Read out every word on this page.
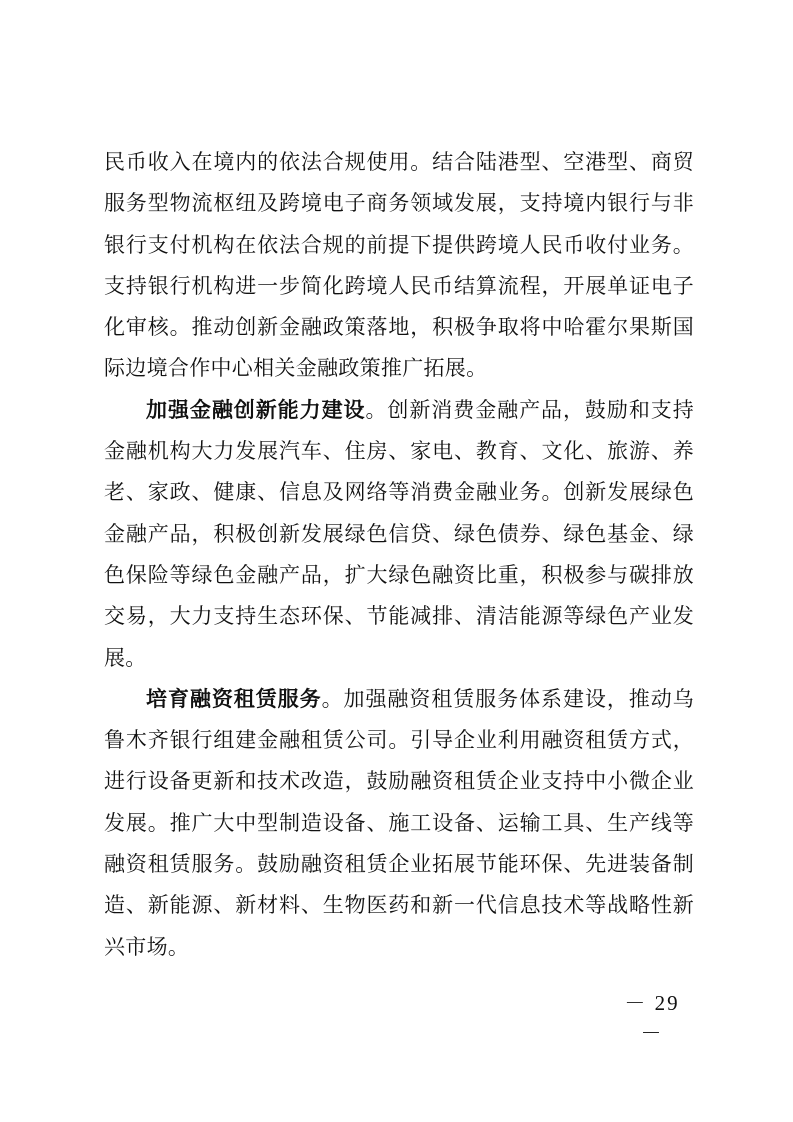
民币收入在境内的依法合规使用。结合陆港型、空港型、商贸服务型物流枢纽及跨境电子商务领域发展，支持境内银行与非银行支付机构在依法合规的前提下提供跨境人民币收付业务。支持银行机构进一步简化跨境人民币结算流程，开展单证电子化审核。推动创新金融政策落地，积极争取将中哈霍尔果斯国际边境合作中心相关金融政策推广拓展。

加强金融创新能力建设。创新消费金融产品，鼓励和支持金融机构大力发展汽车、住房、家电、教育、文化、旅游、养老、家政、健康、信息及网络等消费金融业务。创新发展绿色金融产品，积极创新发展绿色信贷、绿色债券、绿色基金、绿色保险等绿色金融产品，扩大绿色融资比重，积极参与碳排放交易，大力支持生态环保、节能减排、清洁能源等绿色产业发展。

培育融资租赁服务。加强融资租赁服务体系建设，推动乌鲁木齐银行组建金融租赁公司。引导企业利用融资租赁方式，进行设备更新和技术改造，鼓励融资租赁企业支持中小微企业发展。推广大中型制造设备、施工设备、运输工具、生产线等融资租赁服务。鼓励融资租赁企业拓展节能环保、先进装备制造、新能源、新材料、生物医药和新一代信息技术等战略性新兴市场。

－ 29 －
